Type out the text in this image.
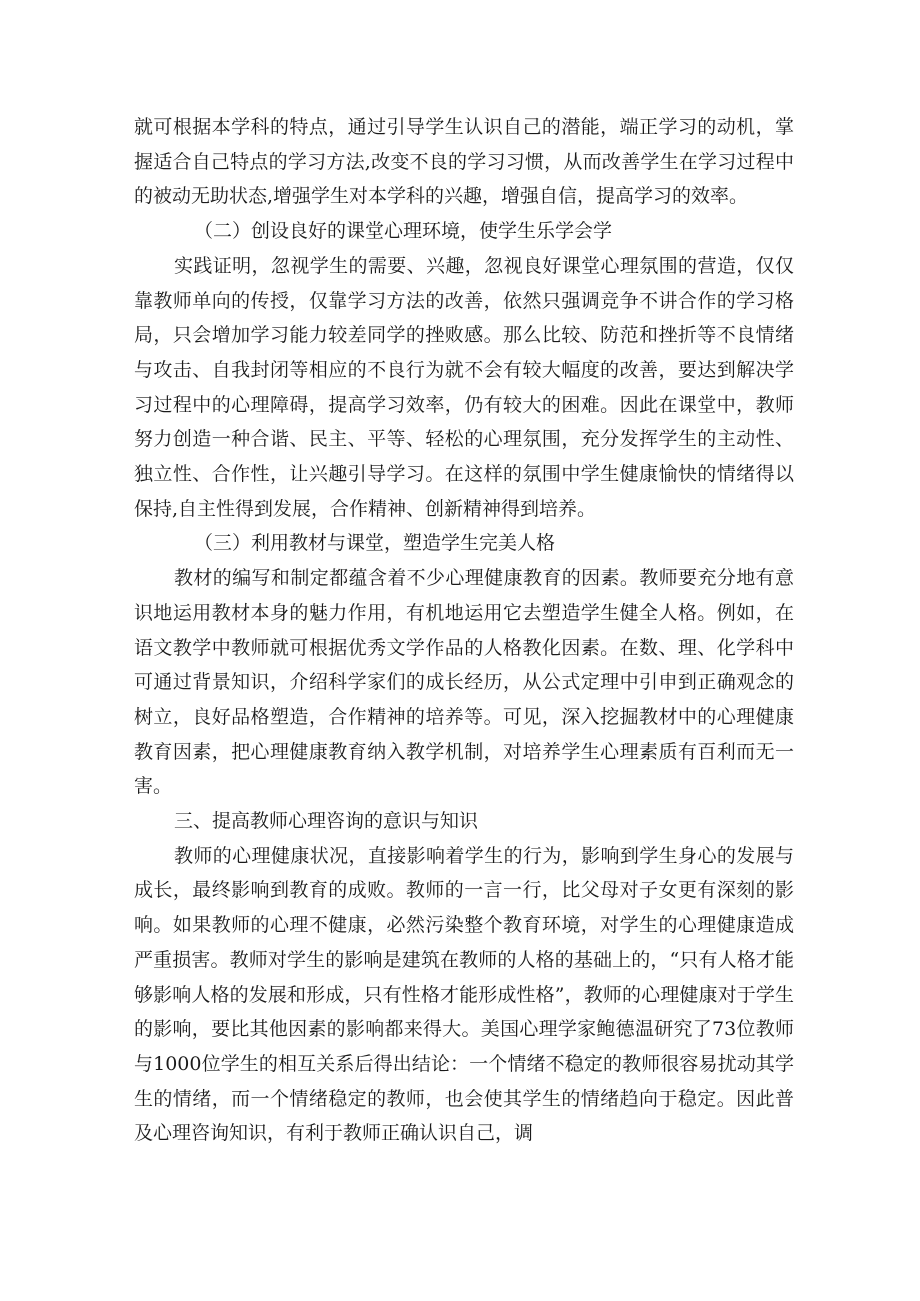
就可根据本学科的特点，通过引导学生认识自己的潜能，端正学习的动机，掌握适合自己特点的学习方法,改变不良的学习习惯，从而改善学生在学习过程中的被动无助状态,增强学生对本学科的兴趣，增强自信，提高学习的效率。

（二）创设良好的课堂心理环境，使学生乐学会学

实践证明，忽视学生的需要、兴趣，忽视良好课堂心理氛围的营造，仅仅靠教师单向的传授，仅靠学习方法的改善，依然只强调竞争不讲合作的学习格局，只会增加学习能力较差同学的挫败感。那么比较、防范和挫折等不良情绪与攻击、自我封闭等相应的不良行为就不会有较大幅度的改善，要达到解决学习过程中的心理障碍，提高学习效率，仍有较大的困难。因此在课堂中，教师努力创造一种合谐、民主、平等、轻松的心理氛围，充分发挥学生的主动性、独立性、合作性，让兴趣引导学习。在这样的氛围中学生健康愉快的情绪得以保持,自主性得到发展，合作精神、创新精神得到培养。

（三）利用教材与课堂，塑造学生完美人格

教材的编写和制定都蕴含着不少心理健康教育的因素。教师要充分地有意识地运用教材本身的魅力作用，有机地运用它去塑造学生健全人格。例如，在语文教学中教师就可根据优秀文学作品的人格教化因素。在数、理、化学科中可通过背景知识，介绍科学家们的成长经历，从公式定理中引申到正确观念的树立，良好品格塑造，合作精神的培养等。可见，深入挖掘教材中的心理健康教育因素，把心理健康教育纳入教学机制，对培养学生心理素质有百利而无一害。

三、提高教师心理咨询的意识与知识

教师的心理健康状况，直接影响着学生的行为，影响到学生身心的发展与成长，最终影响到教育的成败。教师的一言一行，比父母对子女更有深刻的影响。如果教师的心理不健康，必然污染整个教育环境，对学生的心理健康造成严重损害。教师对学生的影响是建筑在教师的人格的基础上的，“只有人格才能够影响人格的发展和形成，只有性格才能形成性格”，教师的心理健康对于学生的影响，要比其他因素的影响都来得大。美国心理学家鲍德温研究了73位教师与1000位学生的相互关系后得出结论：一个情绪不稳定的教师很容易扰动其学生的情绪，而一个情绪稳定的教师，也会使其学生的情绪趋向于稳定。因此普及心理咨询知识，有利于教师正确认识自己，调
